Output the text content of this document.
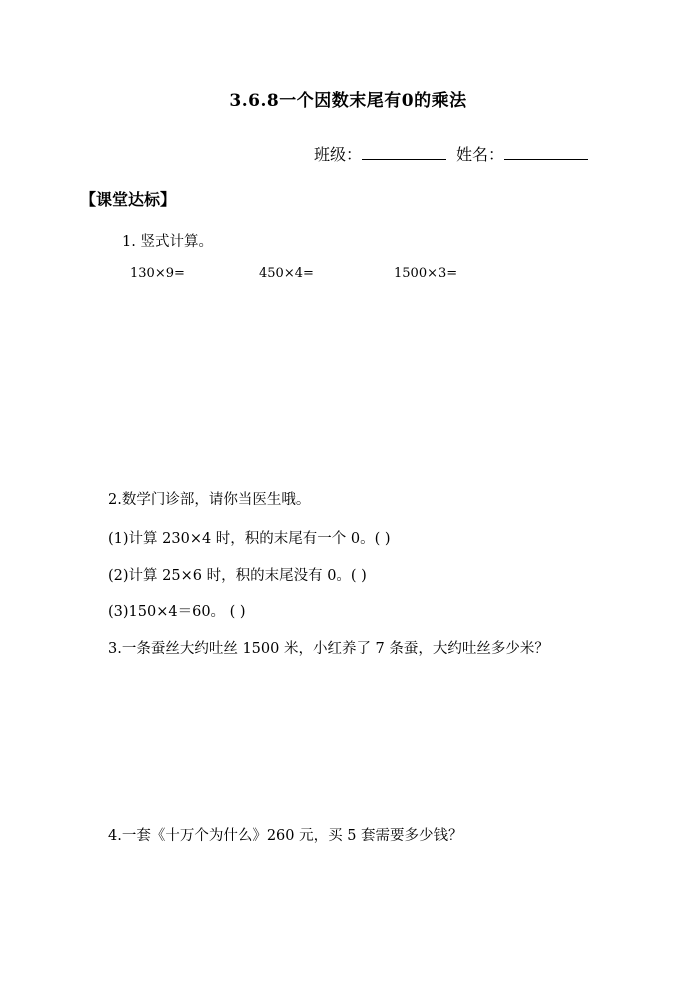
3.6.8一个因数末尾有0的乘法
班级：	姓名：
【课堂达标】
1. 竖式计算。
130×9=	450×4=	1500×3=
2.数学门诊部，请你当医生哦。
(1)计算 230×4 时，积的末尾有一个 0。( )
(2)计算 25×6 时，积的末尾没有 0。( )
(3)150×4＝60。 ( )
3.一条蚕丝大约吐丝 1500 米，小红养了 7 条蚕，大约吐丝多少米？
4.一套《十万个为什么》260 元，买 5 套需要多少钱？
